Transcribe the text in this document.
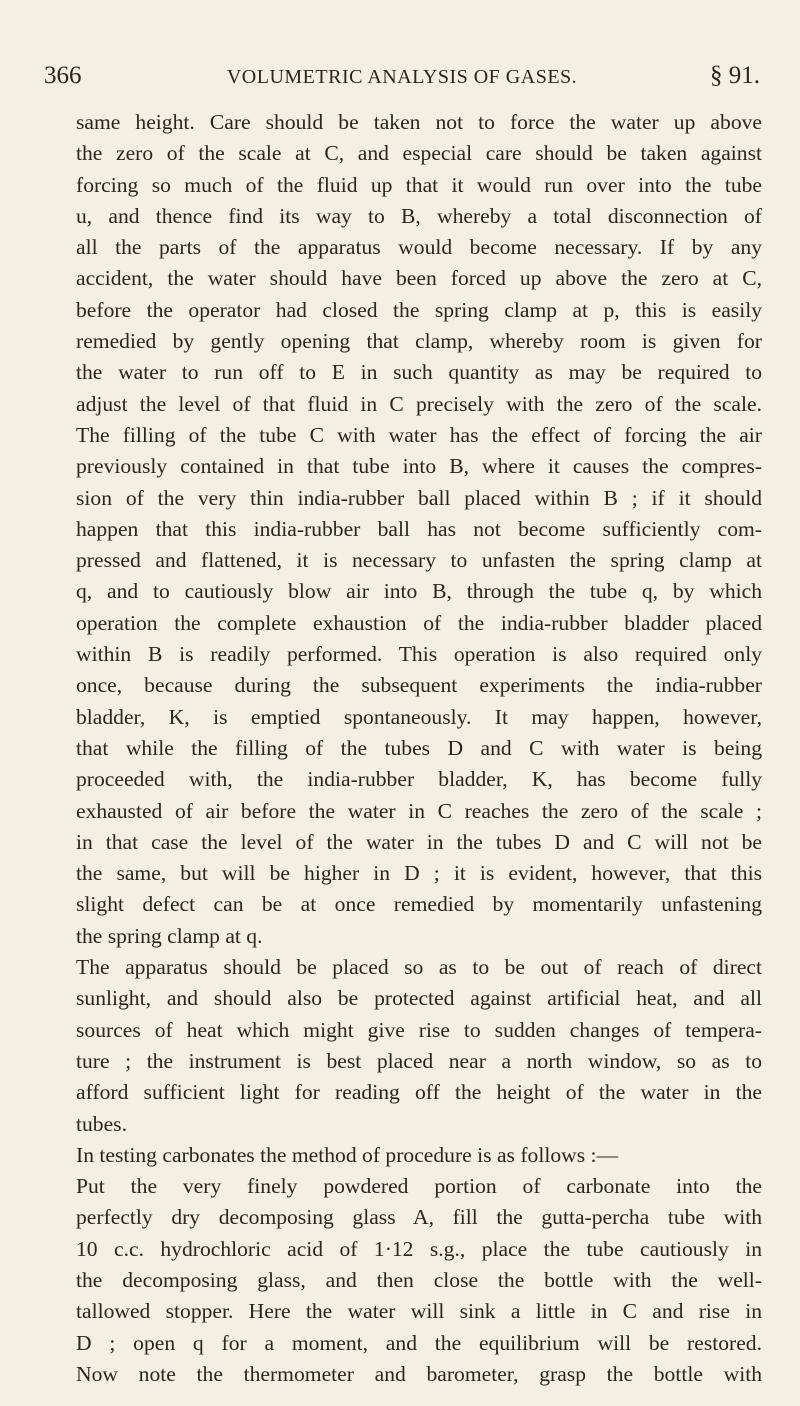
366	VOLUMETRIC ANALYSIS OF GASES.	§ 91.
same height. Care should be taken not to force the water up above
the zero of the scale at C, and especial care should be taken against
forcing so much of the fluid up that it would run over into the tube
u, and thence find its way to B, whereby a total disconnection of
all the parts of the apparatus would become necessary. If by any
accident, the water should have been forced up above the zero at C,
before the operator had closed the spring clamp at p, this is easily
remedied by gently opening that clamp, whereby room is given for
the water to run off to E in such quantity as may be required to
adjust the level of that fluid in C precisely with the zero of the scale.
The filling of the tube C with water has the effect of forcing the air
previously contained in that tube into B, where it causes the compres-
sion of the very thin india-rubber ball placed within B ; if it should
happen that this india-rubber ball has not become sufficiently com-
pressed and flattened, it is necessary to unfasten the spring clamp at
q, and to cautiously blow air into B, through the tube q, by which
operation the complete exhaustion of the india-rubber bladder placed
within B is readily performed. This operation is also required only
once, because during the subsequent experiments the india-rubber
bladder, K, is emptied spontaneously. It may happen, however,
that while the filling of the tubes D and C with water is being
proceeded with, the india-rubber bladder, K, has become fully
exhausted of air before the water in C reaches the zero of the scale ;
in that case the level of the water in the tubes D and C will not be
the same, but will be higher in D ; it is evident, however, that this
slight defect can be at once remedied by momentarily unfastening
the spring clamp at q.
The apparatus should be placed so as to be out of reach of direct
sunlight, and should also be protected against artificial heat, and all
sources of heat which might give rise to sudden changes of tempera-
ture ; the instrument is best placed near a north window, so as to
afford sufficient light for reading off the height of the water in the
tubes.
In testing carbonates the method of procedure is as follows :—
Put the very finely powdered portion of carbonate into the
perfectly dry decomposing glass A, fill the gutta-percha tube with
10 c.c. hydrochloric acid of 1·12 s.g., place the tube cautiously in
the decomposing glass, and then close the bottle with the well-
tallowed stopper. Here the water will sink a little in C and rise in
D ; open q for a moment, and the equilibrium will be restored.
Now note the thermometer and barometer, grasp the bottle with
